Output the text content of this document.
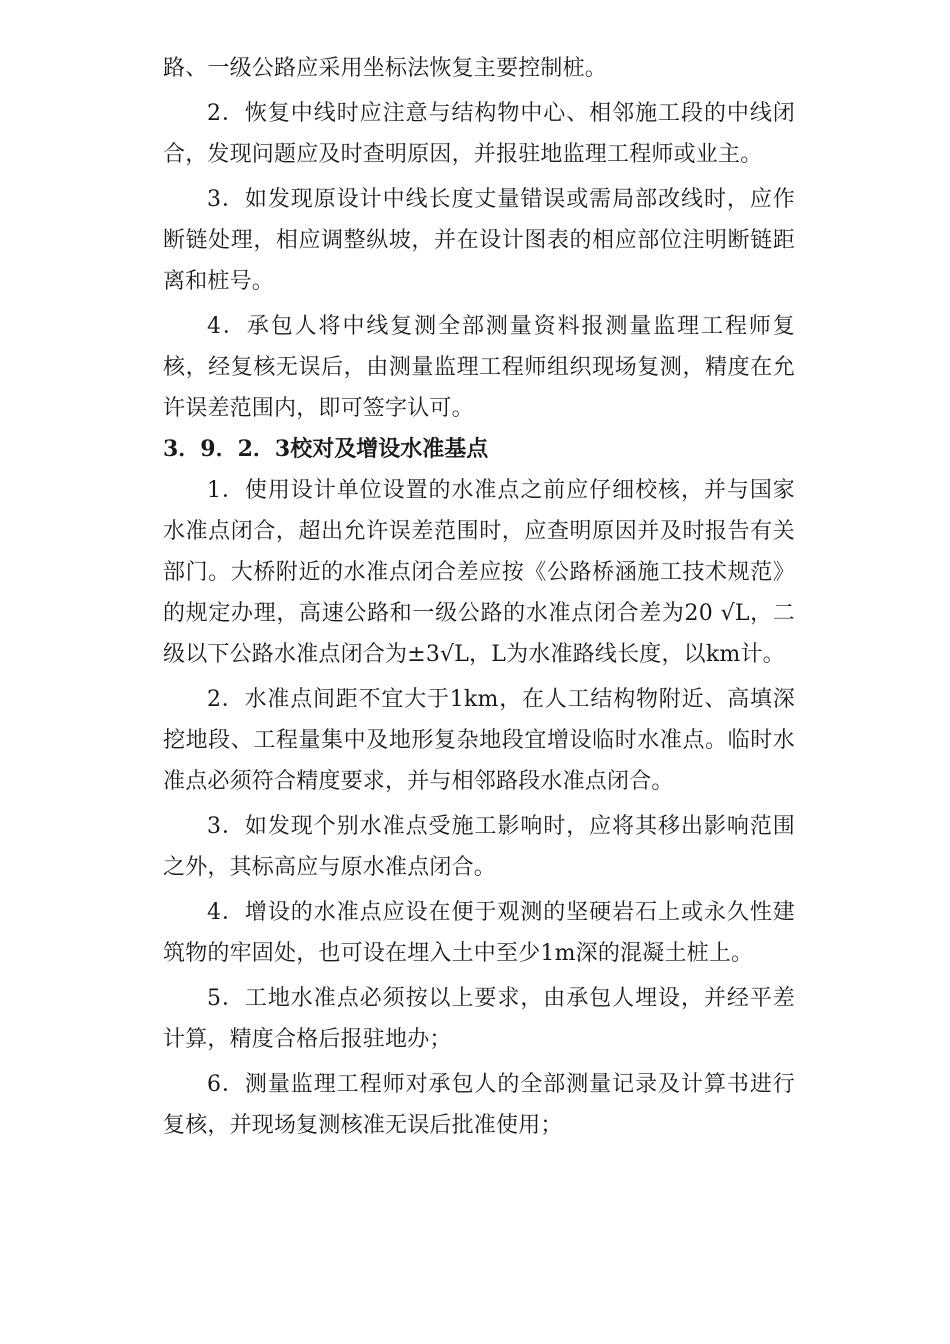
路、一级公路应采用坐标法恢复主要控制桩。

2．恢复中线时应注意与结构物中心、相邻施工段的中线闭合，发现问题应及时查明原因，并报驻地监理工程师或业主。

3．如发现原设计中线长度丈量错误或需局部改线时，应作断链处理，相应调整纵坡，并在设计图表的相应部位注明断链距离和桩号。

4．承包人将中线复测全部测量资料报测量监理工程师复核，经复核无误后，由测量监理工程师组织现场复测，精度在允许误差范围内，即可签字认可。

3．9．2．3校对及增设水准基点

1．使用设计单位设置的水准点之前应仔细校核，并与国家水准点闭合，超出允许误差范围时，应查明原因并及时报告有关部门。大桥附近的水准点闭合差应按《公路桥涵施工技术规范》的规定办理，高速公路和一级公路的水准点闭合差为20 √L，二级以下公路水准点闭合为±3√L，L为水准路线长度，以km计。

2．水准点间距不宜大于1km，在人工结构物附近、高填深挖地段、工程量集中及地形复杂地段宜增设临时水准点。临时水准点必须符合精度要求，并与相邻路段水准点闭合。

3．如发现个别水准点受施工影响时，应将其移出影响范围之外，其标高应与原水准点闭合。

4．增设的水准点应设在便于观测的坚硬岩石上或永久性建筑物的牢固处，也可设在埋入土中至少1m深的混凝土桩上。

5．工地水准点必须按以上要求，由承包人埋设，并经平差计算，精度合格后报驻地办；

6．测量监理工程师对承包人的全部测量记录及计算书进行复核，并现场复测核准无误后批准使用；
